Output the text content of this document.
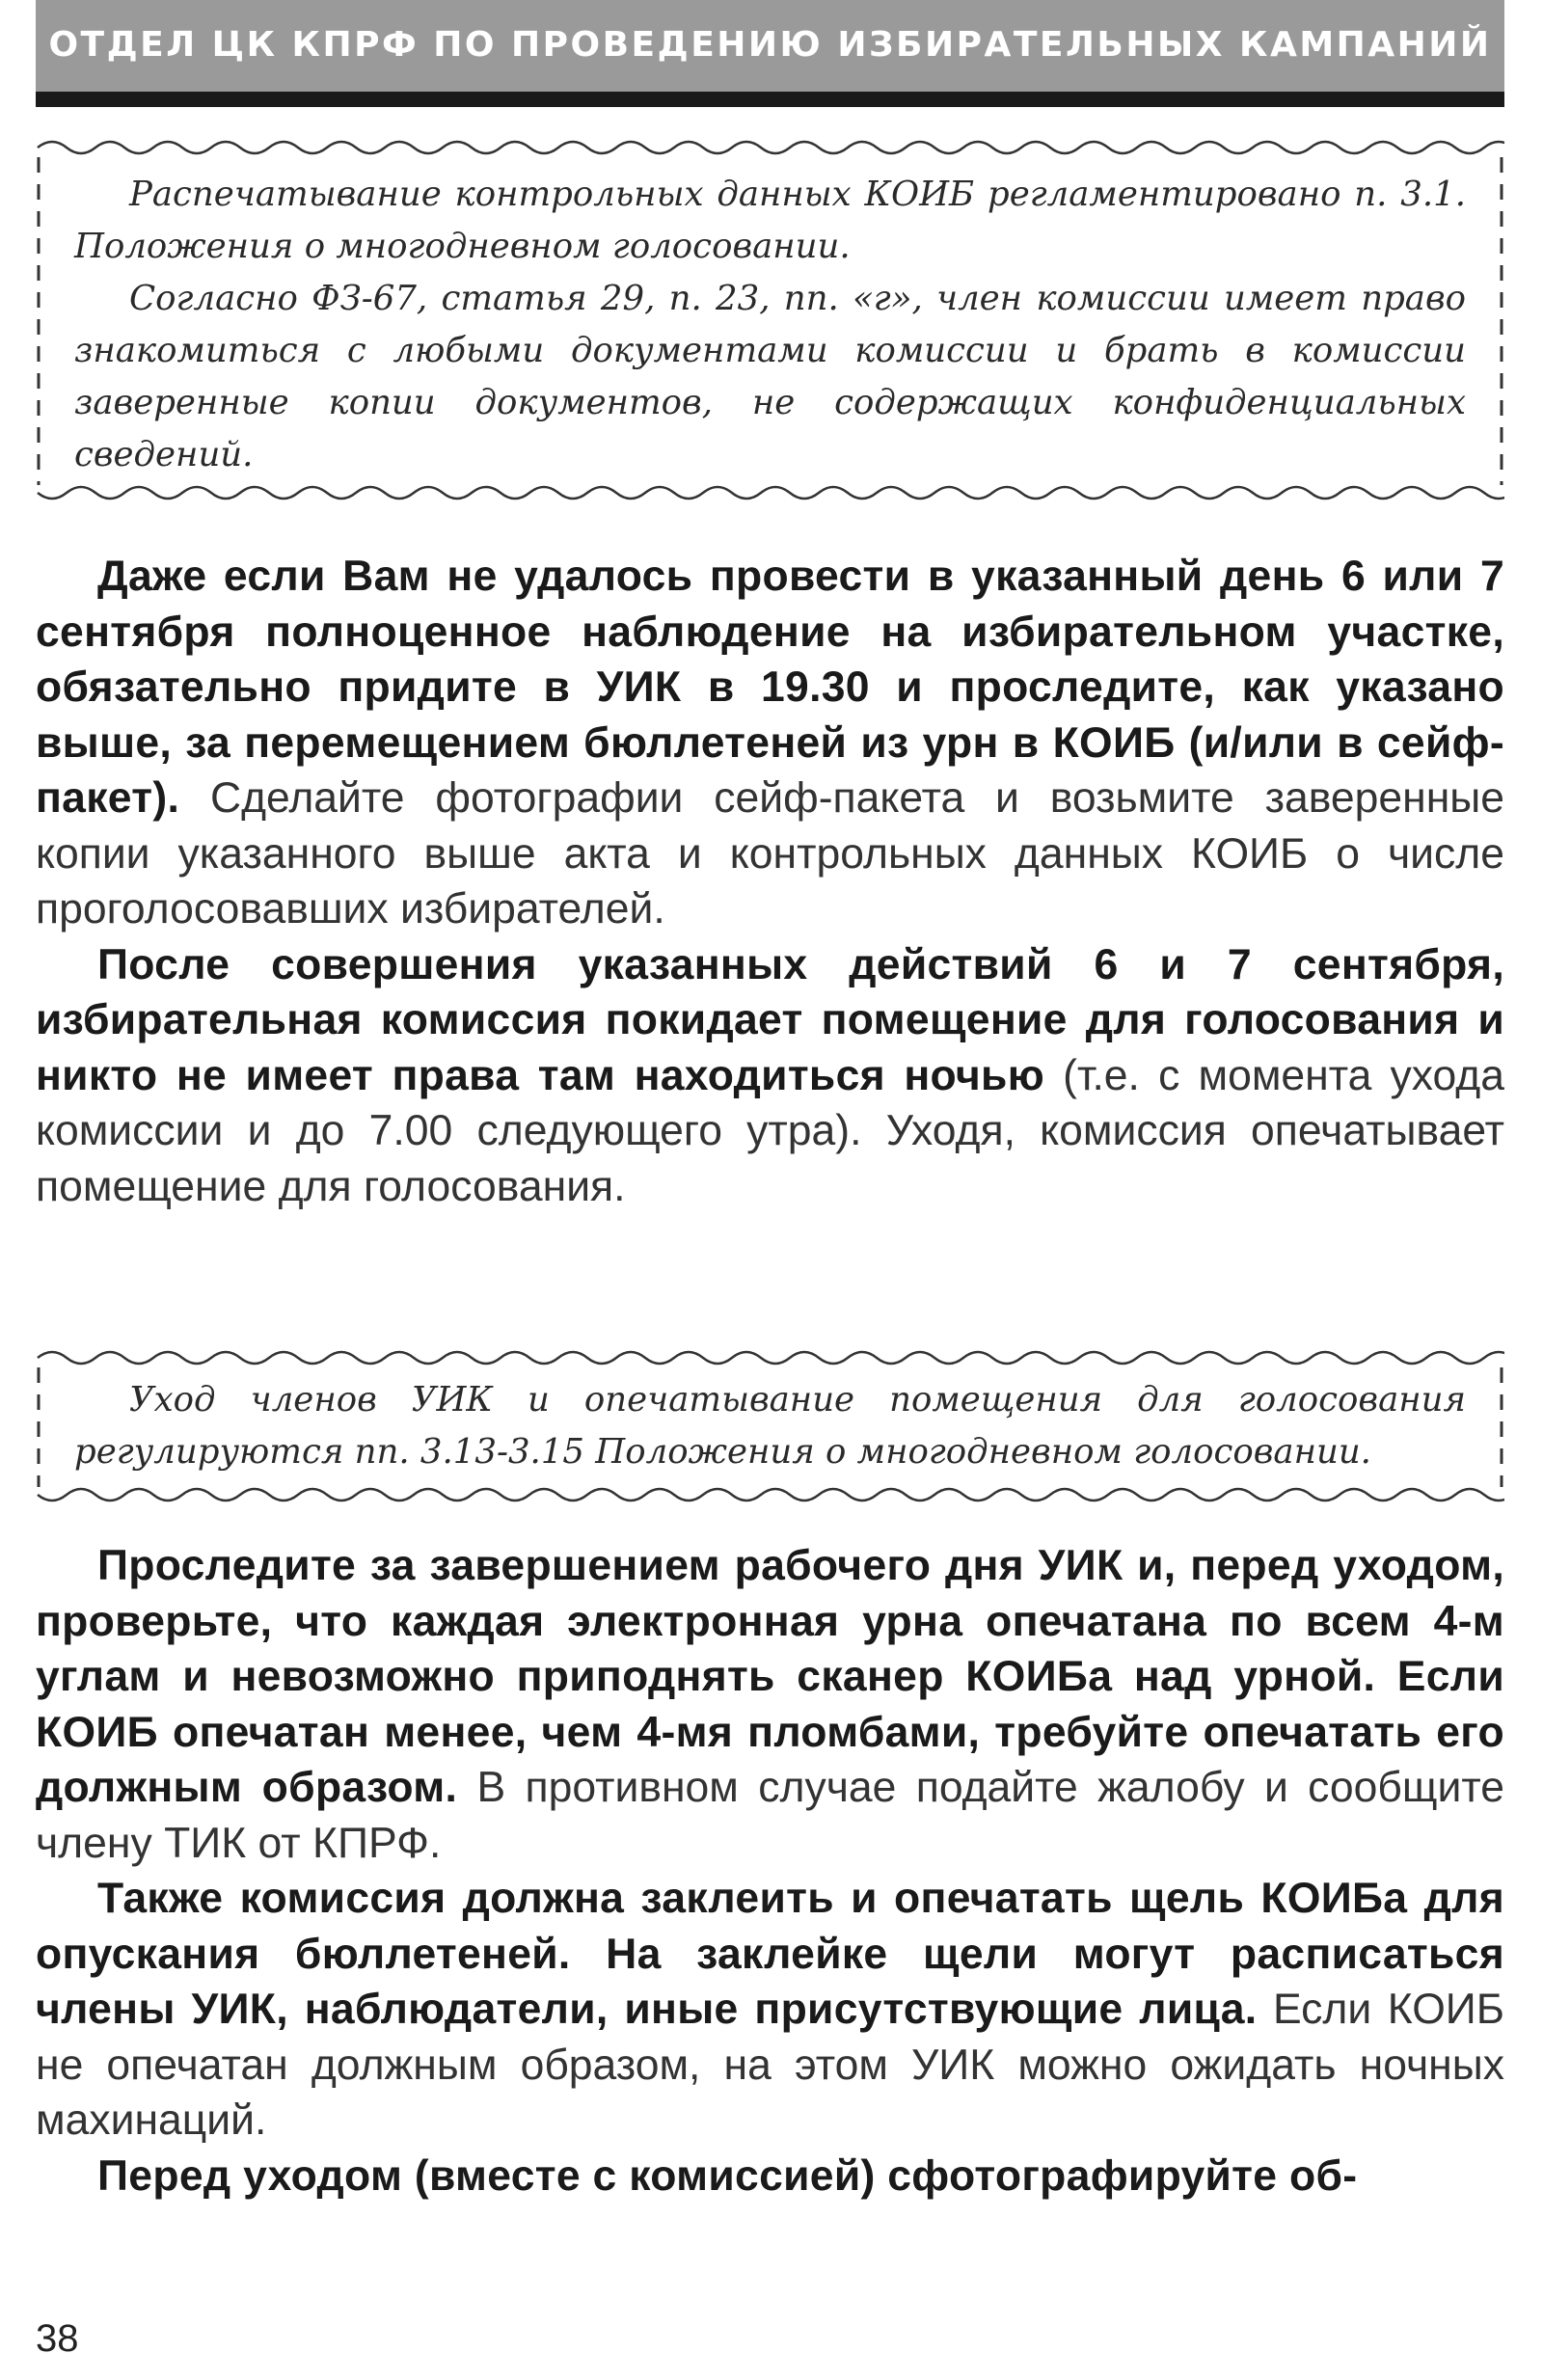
ОТДЕЛ ЦК КПРФ ПО ПРОВЕДЕНИЮ ИЗБИРАТЕЛЬНЫХ КАМПАНИЙ

Распечатывание контрольных данных КОИБ регламентировано п. 3.1. Положения о многодневном голосовании.

Согласно ФЗ-67, статья 29, п. 23, пп. «г», член комиссии имеет право знакомиться с любыми документами комиссии и брать в комиссии заверенные копии документов, не содержащих конфиденциальных сведений.

Даже если Вам не удалось провести в указанный день 6 или 7 сентября полноценное наблюдение на избирательном участке, обязательно придите в УИК в 19.30 и проследите, как указано выше, за перемещением бюллетеней из урн в КОИБ (и/или в сейф-пакет). Сделайте фотографии сейф-пакета и возьмите заверенные копии указанного выше акта и контрольных данных КОИБ о числе проголосовавших избирателей.

После совершения указанных действий 6 и 7 сентября, избирательная комиссия покидает помещение для голосования и никто не имеет права там находиться ночью (т.е. с момента ухода комиссии и до 7.00 следующего утра). Уходя, комиссия опечатывает помещение для голосования.

Уход членов УИК и опечатывание помещения для голосования регулируются пп. 3.13-3.15 Положения о многодневном голосовании.

Проследите за завершением рабочего дня УИК и, перед уходом, проверьте, что каждая электронная урна опечатана по всем 4-м углам и невозможно приподнять сканер КОИБа над урной. Если КОИБ опечатан менее, чем 4-мя пломбами, требуйте опечатать его должным образом. В противном случае подайте жалобу и сообщите члену ТИК от КПРФ.

Также комиссия должна заклеить и опечатать щель КОИБа для опускания бюллетеней. На заклейке щели могут расписаться члены УИК, наблюдатели, иные присутствующие лица. Если КОИБ не опечатан должным образом, на этом УИК можно ожидать ночных махинаций.

Перед уходом (вместе с комиссией) сфотографируйте об-

38
